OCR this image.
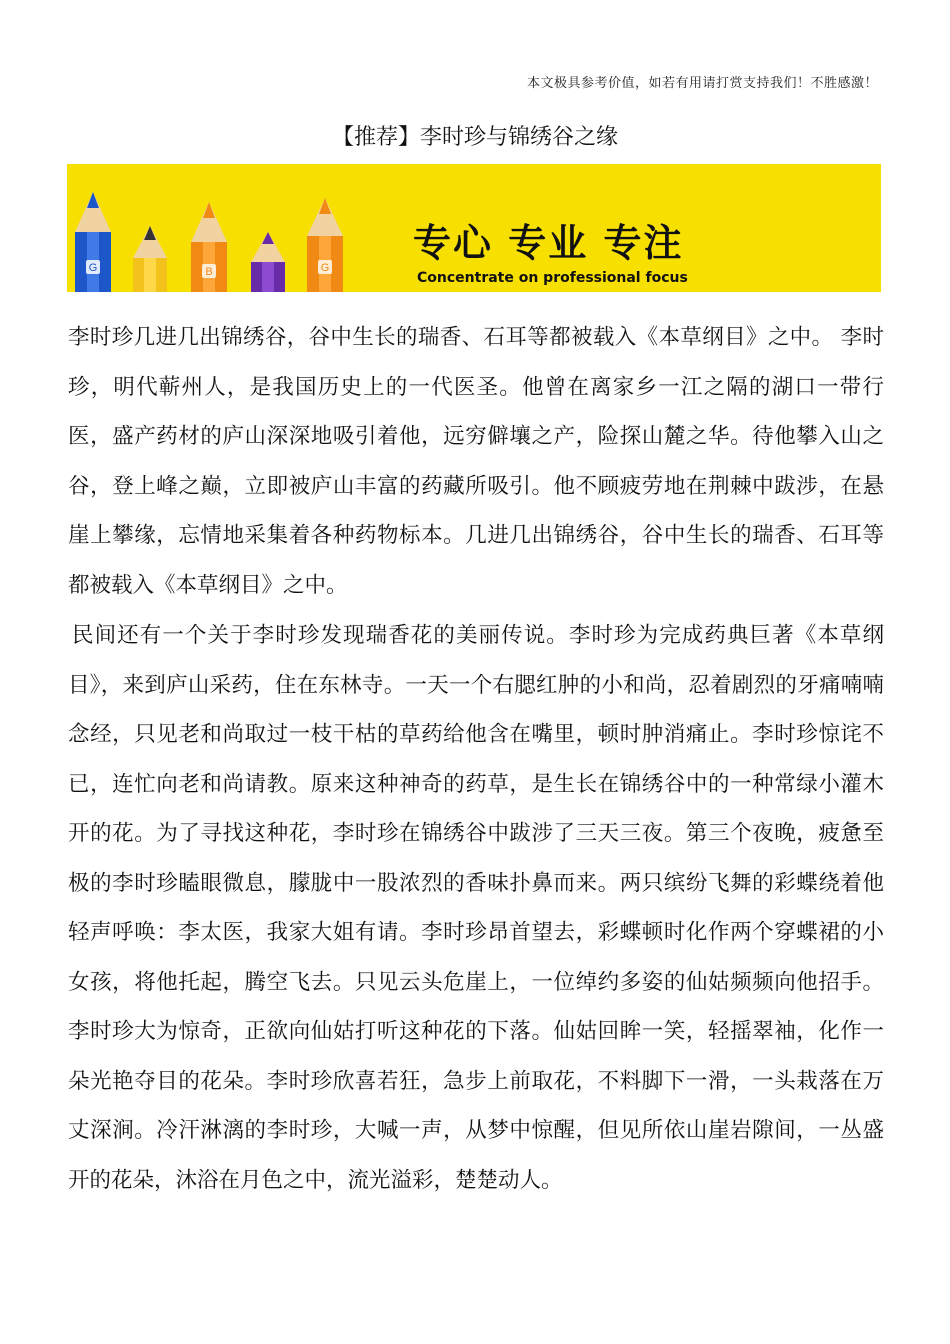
本文极具参考价值，如若有用请打赏支持我们！不胜感激！
【推荐】李时珍与锦绣谷之缘
G	B	G
专心 专业 专注
Concentrate on professional focus

李时珍几进几出锦绣谷，谷中生长的瑞香、石耳等都被载入《本草纲目》之中。 李时珍，明代蕲州人，是我国历史上的一代医圣。他曾在离家乡一江之隔的湖口一带行医，盛产药材的庐山深深地吸引着他，远穷僻壤之产，险探山麓之华。待他攀入山之谷，登上峰之巅，立即被庐山丰富的药藏所吸引。他不顾疲劳地在荆棘中跋涉，在悬崖上攀缘，忘情地采集着各种药物标本。几进几出锦绣谷，谷中生长的瑞香、石耳等都被载入《本草纲目》之中。

民间还有一个关于李时珍发现瑞香花的美丽传说。李时珍为完成药典巨著《本草纲目》，来到庐山采药，住在东林寺。一天一个右腮红肿的小和尚，忍着剧烈的牙痛喃喃念经，只见老和尚取过一枝干枯的草药给他含在嘴里，顿时肿消痛止。李时珍惊诧不已，连忙向老和尚请教。原来这种神奇的药草，是生长在锦绣谷中的一种常绿小灌木开的花。为了寻找这种花，李时珍在锦绣谷中跋涉了三天三夜。第三个夜晚，疲惫至极的李时珍瞌眼微息，朦胧中一股浓烈的香味扑鼻而来。两只缤纷飞舞的彩蝶绕着他轻声呼唤：李太医，我家大姐有请。李时珍昂首望去，彩蝶顿时化作两个穿蝶裙的小女孩，将他托起，腾空飞去。只见云头危崖上，一位绰约多姿的仙姑频频向他招手。李时珍大为惊奇，正欲向仙姑打听这种花的下落。仙姑回眸一笑，轻摇翠袖，化作一朵光艳夺目的花朵。李时珍欣喜若狂，急步上前取花，不料脚下一滑，一头栽落在万丈深涧。冷汗淋漓的李时珍，大喊一声，从梦中惊醒，但见所依山崖岩隙间，一丛盛开的花朵，沐浴在月色之中，流光溢彩，楚楚动人。
